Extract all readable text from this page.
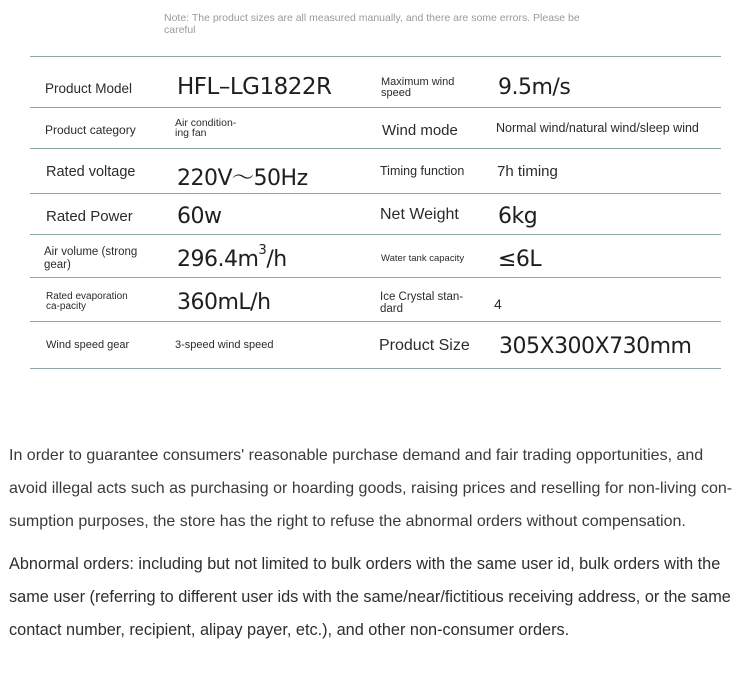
Note: The product sizes are all measured manually, and there are some errors. Please be careful
Product Model HFL–LG1822R	Maximum wind speed	9.5m/s
Product category	Air condition-ing fan	Wind mode	Normal wind/natural wind/sleep wind
Rated voltage 220V～50Hz	Timing function 7h timing
Rated Power 60w	Net Weight 6kg
Air volume (strong gear)	$296.4m^3/h$	Water tank capacity ≤6L
Rated evaporation ca-pacity	360mL/h	Ice Crystal stan-dard	4
Wind speed gear	3-speed wind speed	Product Size 305X300X730mm
In order to guarantee consumers' reasonable purchase demand and fair trading opportunities, and avoid illegal acts such as purchasing or hoarding goods, raising prices and reselling for non-living con-sumption purposes, the store has the right to refuse the abnormal orders without compensation.
Abnormal orders: including but not limited to bulk orders with the same user id, bulk orders with the same user (referring to different user ids with the same/near/fictitious receiving address, or the same contact number, recipient, alipay payer, etc.), and other non-consumer orders.
